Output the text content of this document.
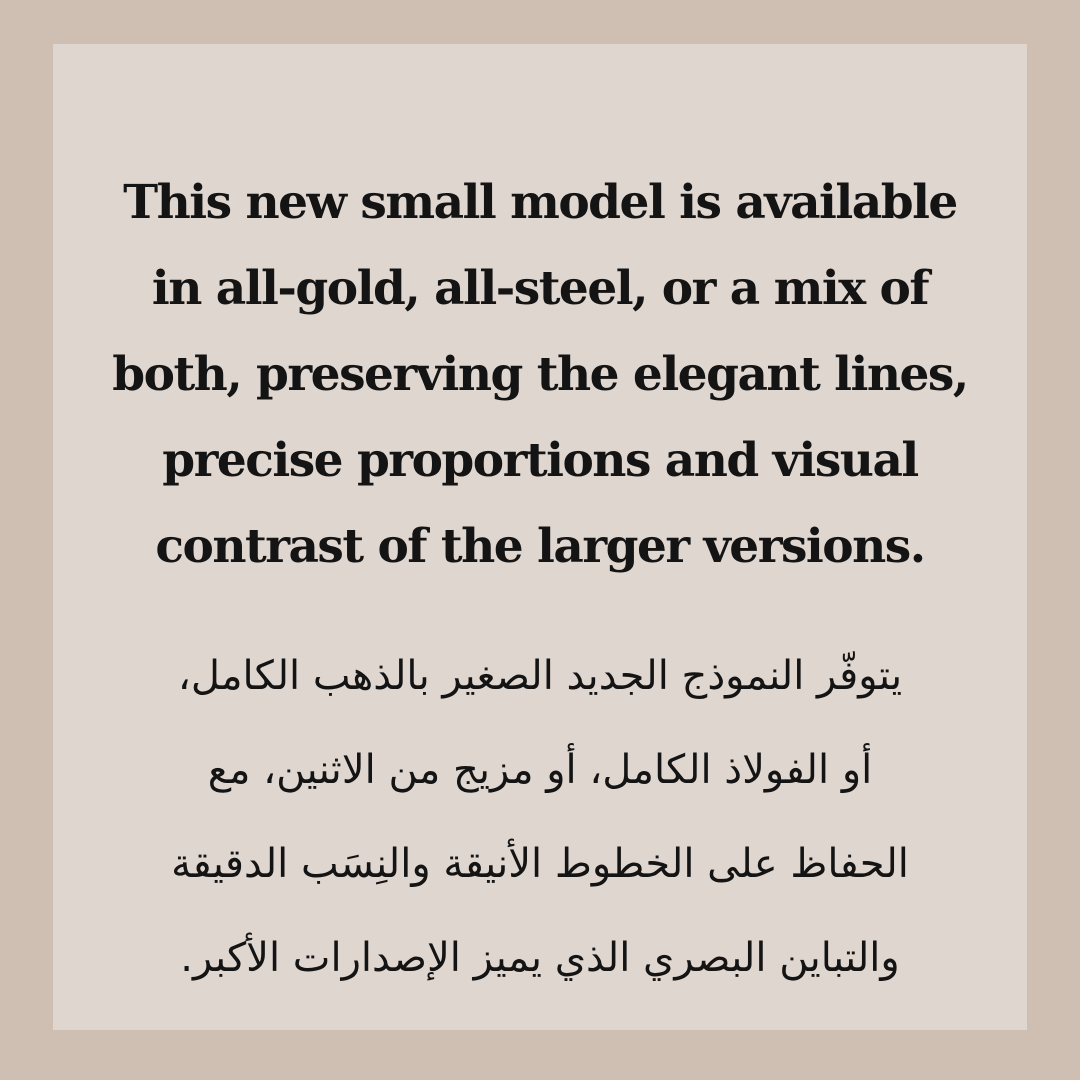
This new small model is available
in all-gold, all-steel, or a mix of
both, preserving the elegant lines,
precise proportions and visual
contrast of the larger versions.

يتوفّر النموذج الجديد الصغير بالذهب الكامل،
أو الفولاذ الكامل، أو مزيج من الاثنين، مع
الحفاظ على الخطوط الأنيقة والنِسَب الدقيقة
والتباين البصري الذي يميز الإصدارات الأكبر.
